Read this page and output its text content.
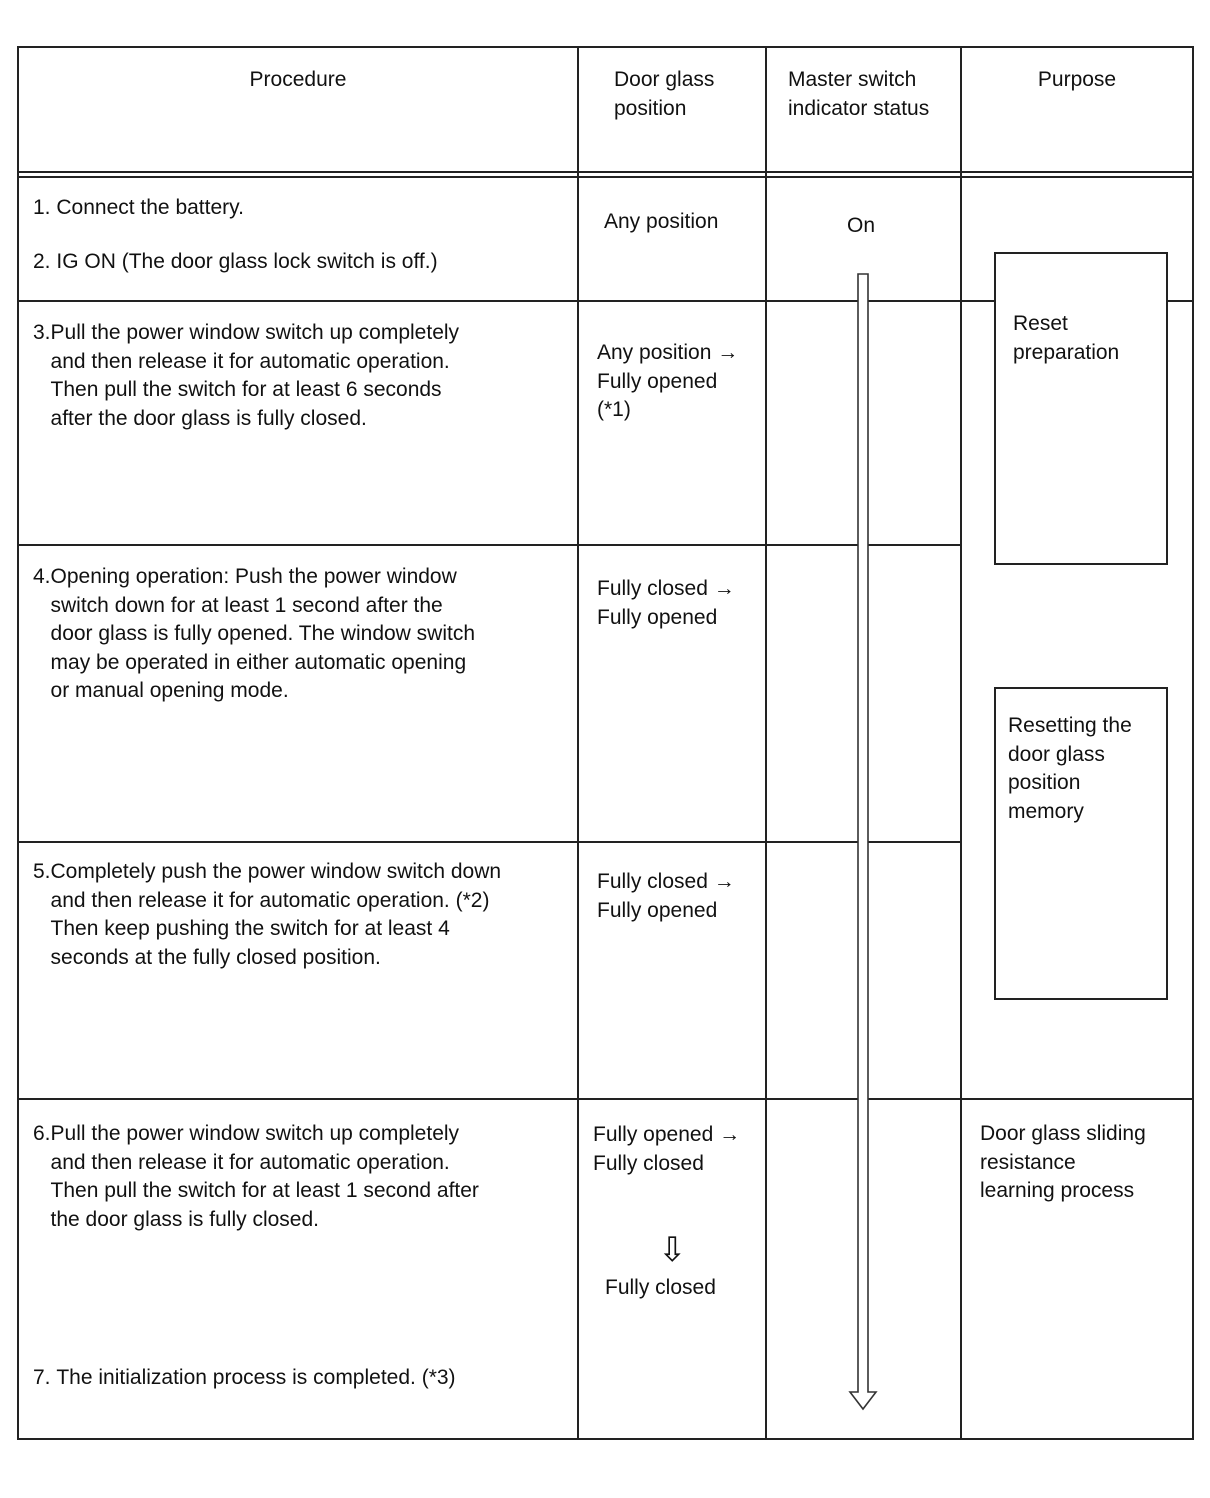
Procedure	Door glass
position
Master switch
indicator status
Purpose
1.
Connect the battery.
2.
IG ON (The door glass lock switch is off.)
3. Pull the power window switch up completely
and then release it for automatic operation.
Then pull the switch for at least 6 seconds
after the door glass is fully closed.
4. Opening operation: Push the power window
switch down for at least 1 second after the
door glass is fully opened. The window switch
may be operated in either automatic opening
or manual opening mode.
5. Completely push the power window switch down
and then release it for automatic operation. (*2)
Then keep pushing the switch for at least 4
seconds at the fully closed position.
6. Pull the power window switch up completely
and then release it for automatic operation.
Then pull the switch for at least 1 second after
the door glass is fully closed.
7.
The initialization process is completed. (*3)
Any position
Any position →
Fully opened
(*1)
Fully closed →
Fully opened
Fully closed →
Fully opened
Fully opened →
Fully closed
⇩
Fully closed
On
Reset
preparation
Resetting the
door glass
position
memory
Door glass sliding
resistance
learning process
